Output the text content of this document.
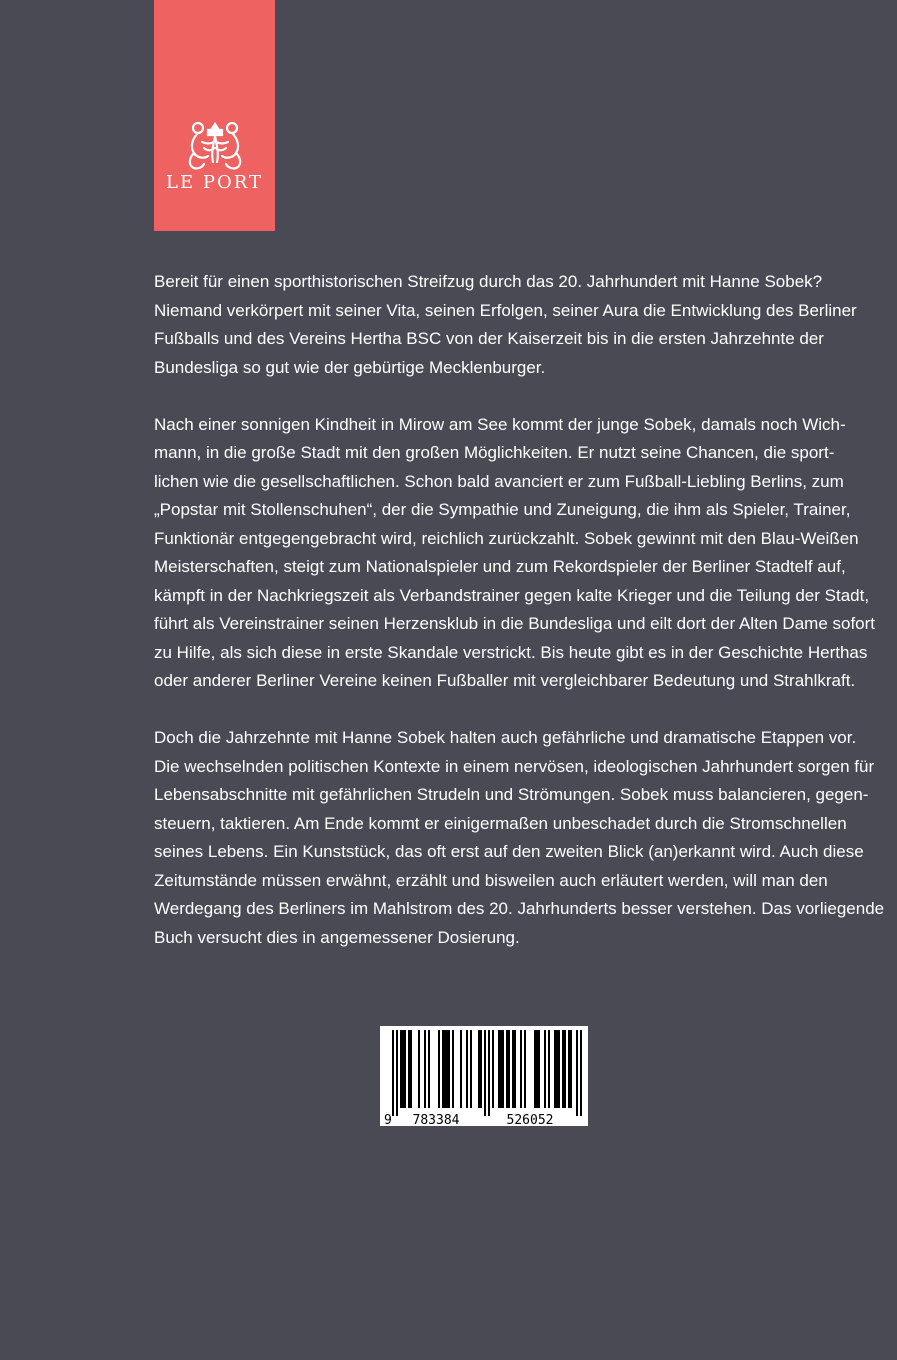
LE PORT

Bereit für einen sporthistorischen Streifzug durch das 20. Jahrhundert mit Hanne Sobek?
Niemand verkörpert mit seiner Vita, seinen Erfolgen, seiner Aura die Entwicklung des Berliner
Fußballs und des Vereins Hertha BSC von der Kaiserzeit bis in die ersten Jahrzehnte der
Bundesliga so gut wie der gebürtige Mecklenburger.

Nach einer sonnigen Kindheit in Mirow am See kommt der junge Sobek, damals noch Wich-
mann, in die große Stadt mit den großen Möglichkeiten. Er nutzt seine Chancen, die sport-
lichen wie die gesellschaftlichen. Schon bald avanciert er zum Fußball-Liebling Berlins, zum
„Popstar mit Stollenschuhen“, der die Sympathie und Zuneigung, die ihm als Spieler, Trainer,
Funktionär entgegengebracht wird, reichlich zurückzahlt. Sobek gewinnt mit den Blau-Weißen
Meisterschaften, steigt zum Nationalspieler und zum Rekordspieler der Berliner Stadtelf auf,
kämpft in der Nachkriegszeit als Verbandstrainer gegen kalte Krieger und die Teilung der Stadt,
führt als Vereinstrainer seinen Herzensklub in die Bundesliga und eilt dort der Alten Dame sofort
zu Hilfe, als sich diese in erste Skandale verstrickt. Bis heute gibt es in der Geschichte Herthas
oder anderer Berliner Vereine keinen Fußballer mit vergleichbarer Bedeutung und Strahlkraft.

Doch die Jahrzehnte mit Hanne Sobek halten auch gefährliche und dramatische Etappen vor.
Die wechselnden politischen Kontexte in einem nervösen, ideologischen Jahrhundert sorgen für
Lebensabschnitte mit gefährlichen Strudeln und Strömungen. Sobek muss balancieren, gegen-
steuern, taktieren. Am Ende kommt er einigermaßen unbeschadet durch die Stromschnellen
seines Lebens. Ein Kunststück, das oft erst auf den zweiten Blick (an)erkannt wird. Auch diese
Zeitumstände müssen erwähnt, erzählt und bisweilen auch erläutert werden, will man den
Werdegang des Berliners im Mahlstrom des 20. Jahrhunderts besser verstehen. Das vorliegende
Buch versucht dies in angemessener Dosierung.

9 783384	526052
